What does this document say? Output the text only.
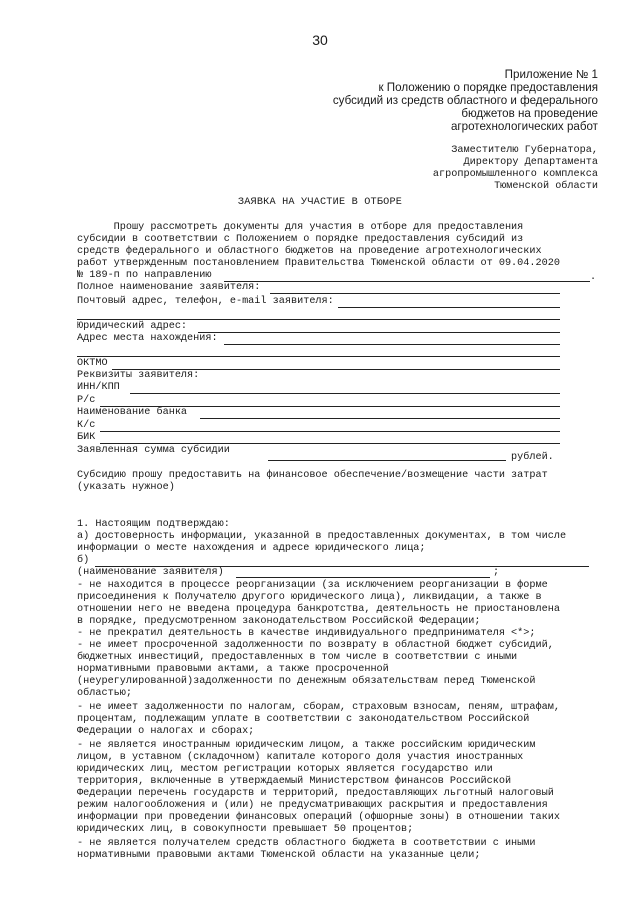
30
Приложение № 1
к Положению о порядке предоставления
субсидий из средств областного и федерального
бюджетов на проведение
агротехнологических работ
Заместителю Губернатора,
Директору Департамента
агропромышленного комплекса
Тюменской области
ЗАЯВКА НА УЧАСТИЕ В ОТБОРЕ
Прошу рассмотреть документы для участия в отборе для предоставления
субсидии в соответствии с Положением о порядке предоставления субсидий из
средств федерального и областного бюджетов на проведение агротехнологических
работ утвержденным постановлением Правительства Тюменской области от 09.04.2020
№ 189-п по направлению	.
Полное наименование заявителя:
Почтовый адрес, телефон, e-mail заявителя:
Юридический адрес:
Адрес места нахождения:
ОКТМО
Реквизиты заявителя:
ИНН/КПП
Р/с
Наименование банка
К/с
БИК
Заявленная сумма субсидии
рублей.
Субсидию прошу предоставить на финансовое обеспечение/возмещение части затрат
(указать нужное)
1. Настоящим подтверждаю:
а) достоверность информации, указанной в предоставленных документах, в том числе
информации о месте нахождения и адресе юридического лица;
б)
(наименование заявителя)	;
- не находится в процессе реорганизации (за исключением реорганизации в форме
присоединения к Получателю другого юридического лица), ликвидации, а также в
отношении него не введена процедура банкротства, деятельность не приостановлена
в порядке, предусмотренном законодательством Российской Федерации;
- не прекратил деятельность в качестве индивидуального предпринимателя <*>;
- не имеет просроченной задолженности по возврату в областной бюджет субсидий,
бюджетных инвестиций, предоставленных в том числе в соответствии с иными
нормативными правовыми актами, а также просроченной
(неурегулированной)задолженности по денежным обязательствам перед Тюменской
областью;
- не имеет задолженности по налогам, сборам, страховым взносам, пеням, штрафам,
процентам, подлежащим уплате в соответствии с законодательством Российской
Федерации о налогах и сборах;
- не является иностранным юридическим лицом, а также российским юридическим
лицом, в уставном (складочном) капитале которого доля участия иностранных
юридических лиц, местом регистрации которых является государство или
территория, включенные в утверждаемый Министерством финансов Российской
Федерации перечень государств и территорий, предоставляющих льготный налоговый
режим налогообложения и (или) не предусматривающих раскрытия и предоставления
информации при проведении финансовых операций (офшорные зоны) в отношении таких
юридических лиц, в совокупности превышает 50 процентов;
- не является получателем средств областного бюджета в соответствии с иными
нормативными правовыми актами Тюменской области на указанные цели;
